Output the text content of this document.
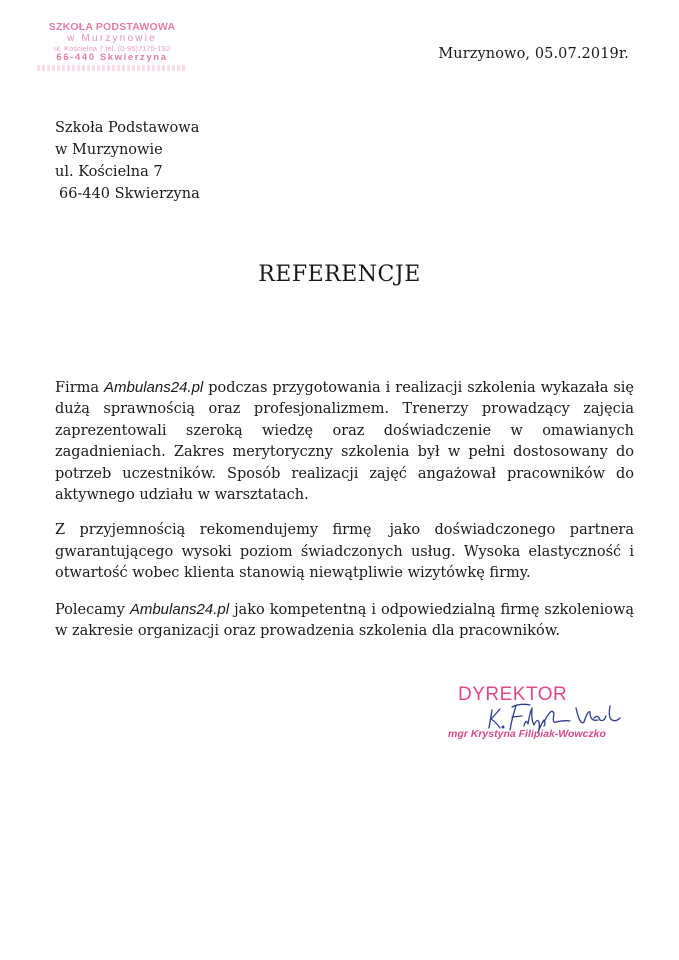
SZKOŁA PODSTAWOWA
w Murzynowie
ul. Kościelna 7 tel. (0-95)7175-192
66-440 Skwierzyna	Murzynowo, 05.07.2019r.
Szkoła Podstawowa
w Murzynowie
ul. Kościelna 7
66-440 Skwierzyna
REFERENCJE

Firma Ambulans24.pl podczas przygotowania i realizacji szkolenia wykazała się dużą sprawnością oraz profesjonalizmem. Trenerzy prowadzący zajęcia zaprezentowali szeroką wiedzę oraz doświadczenie w omawianych zagadnieniach. Zakres merytoryczny szkolenia był w pełni dostosowany do potrzeb uczestników. Sposób realizacji zajęć angażował pracowników do aktywnego udziału w warsztatach.

Z przyjemnością rekomendujemy firmę jako doświadczonego partnera gwarantującego wysoki poziom świadczonych usług. Wysoka elastyczność i otwartość wobec klienta stanowią niewątpliwie wizytówkę firmy.

Polecamy Ambulans24.pl jako kompetentną i odpowiedzialną firmę szkoleniową w zakresie organizacji oraz prowadzenia szkolenia dla pracowników.

DYREKTOR
mgr Krystyna Filipiak-Wowczko
